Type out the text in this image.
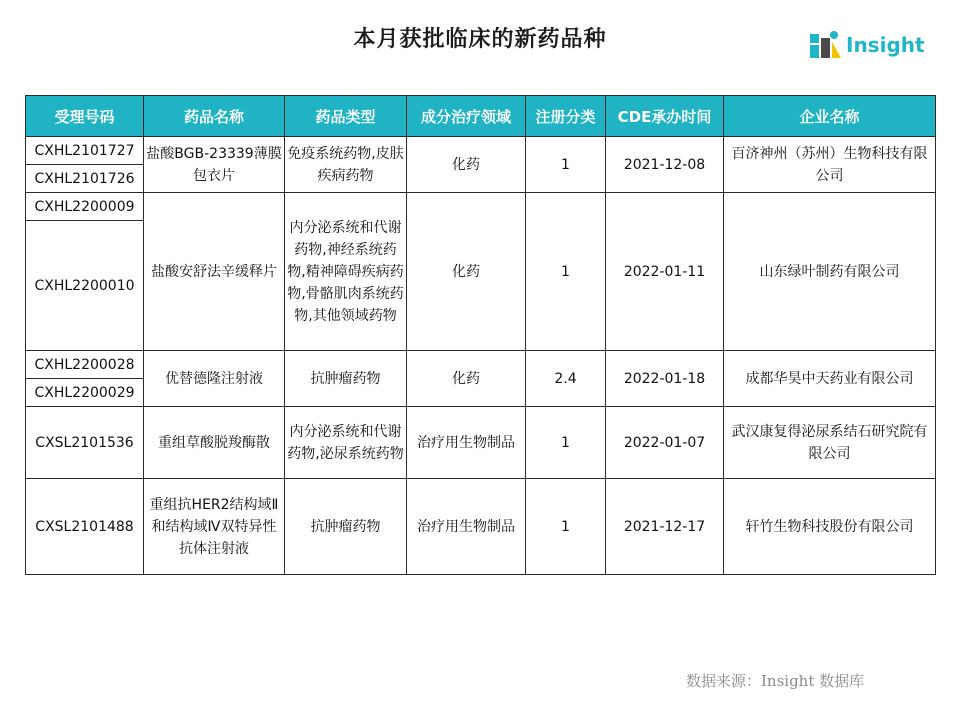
本月获批临床的新药品种	Insight
受理号码	药品名称	药品类型	成分治疗领域	注册分类	CDE承办时间	企业名称
CXHL2101727	盐酸BGB-23339薄膜包衣片	免疫系统药物,皮肤疾病药物	化药	1	2021-12-08	百济神州（苏州）生物科技有限公司
CXHL2101726						
CXHL2200009	盐酸安舒法辛缓释片	内分泌系统和代谢药物,神经系统药物,精神障碍疾病药物,骨骼肌肉系统药物,其他领域药物	化药	1	2022-01-11	山东绿叶制药有限公司
CXHL2200010						
CXHL2200028	优替德隆注射液	抗肿瘤药物	化药	2.4	2022-01-18	成都华昊中天药业有限公司
CXHL2200029						
CXSL2101536	重组草酸脱羧酶散	内分泌系统和代谢药物,泌尿系统药物	治疗用生物制品	1	2022-01-07	武汉康复得泌尿系结石研究院有限公司
CXSL2101488	重组抗HER2结构域Ⅱ和结构域Ⅳ双特异性抗体注射液	抗肿瘤药物	治疗用生物制品	1	2021-12-17	轩竹生物科技股份有限公司
数据来源：Insight 数据库
